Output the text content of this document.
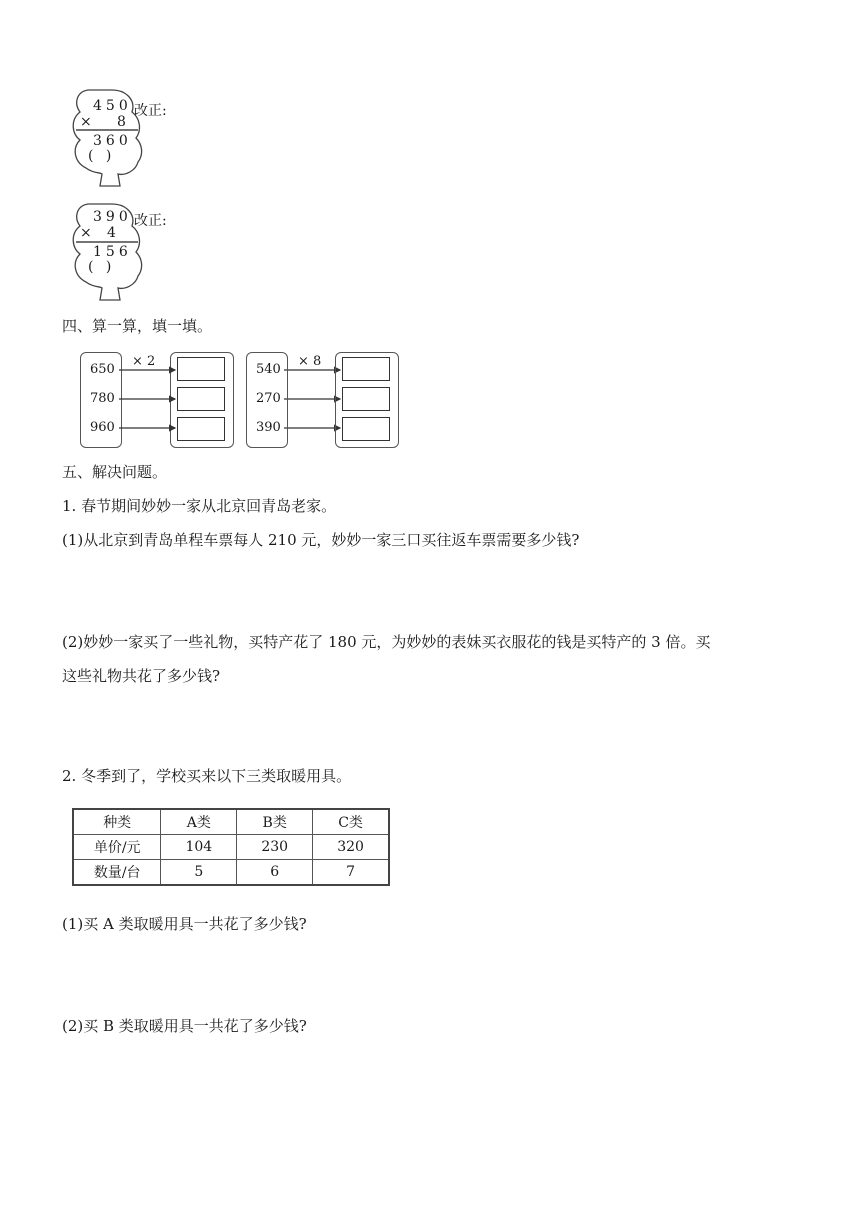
450
× 8
360
( )
改正:
390
× 4
156
( )
改正:
四、算一算，填一填。
× 2
650
780
960
× 8
540
270
390
五、解决问题。
1. 春节期间妙妙一家从北京回青岛老家。
(1)从北京到青岛单程车票每人 210 元，妙妙一家三口买往返车票需要多少钱?
(2)妙妙一家买了一些礼物，买特产花了 180 元，为妙妙的表妹买衣服花的钱是买特产的 3 倍。买
这些礼物共花了多少钱?
2. 冬季到了，学校买来以下三类取暖用具。
种类	A类	B类	C类
单价/元	104	230	320
数量/台	5	6	7
(1)买 A 类取暖用具一共花了多少钱?
(2)买 B 类取暖用具一共花了多少钱?
